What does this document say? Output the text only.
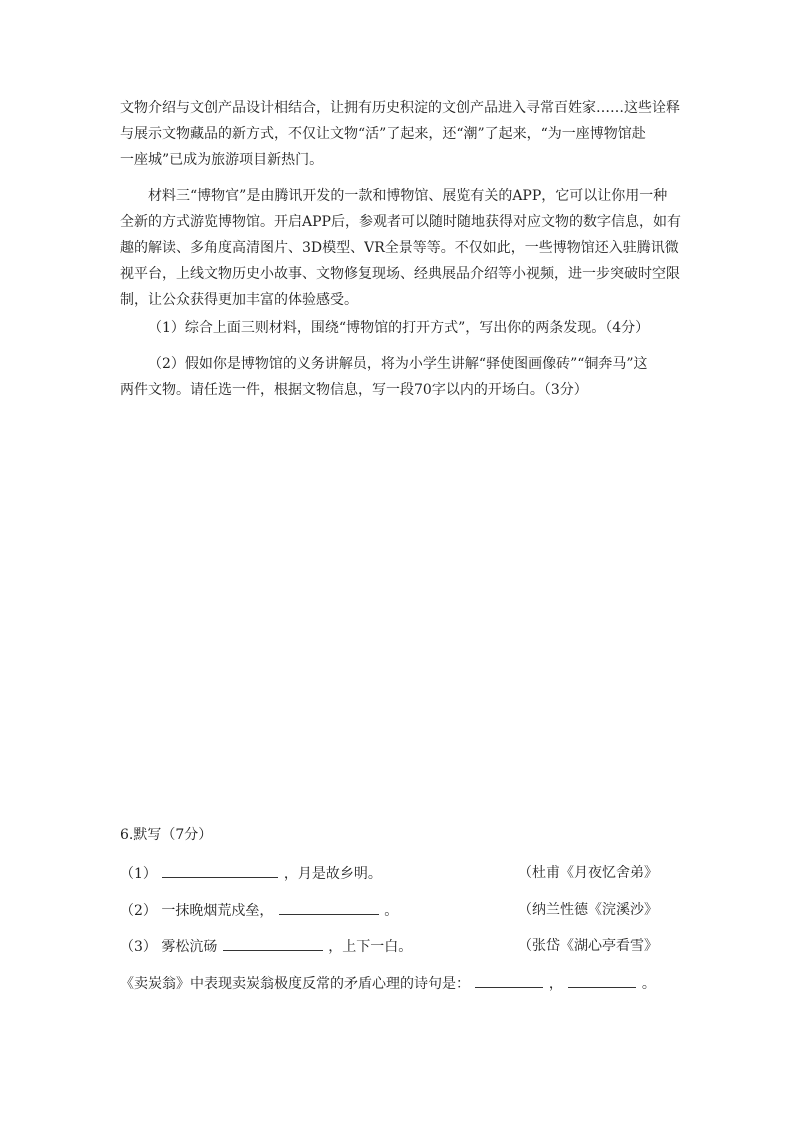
文物介绍与文创产品设计相结合，让拥有历史积淀的文创产品进入寻常百姓家……这些诠释
与展示文物藏品的新方式，不仅让文物“活”了起来，还“潮”了起来，“为一座博物馆赴
一座城”已成为旅游项目新热门。
材料三“博物官”是由腾讯开发的一款和博物馆、展览有关的APP，它可以让你用一种
全新的方式游览博物馆。开启APP后，参观者可以随时随地获得对应文物的数字信息，如有
趣的解读、多角度高清图片、3D模型、VR全景等等。不仅如此，一些博物馆还入驻腾讯微
视平台，上线文物历史小故事、文物修复现场、经典展品介绍等小视频，进一步突破时空限
制，让公众获得更加丰富的体验感受。
（1）综合上面三则材料，围绕“博物馆的打开方式”，写出你的两条发现。（4分）
（2）假如你是博物馆的义务讲解员，将为小学生讲解“驿使图画像砖”“铜奔马”这
两件文物。请任选一件，根据文物信息，写一段70字以内的开场白。（3分）
6.默写（7分）
（1）	，月是故乡明。	（杜甫《月夜忆舍弟》
（2） 一抹晚烟荒戍垒，	。	（纳兰性德《浣溪沙》
（3） 雾松沆砀	，上下一白。	（张岱《湖心亭看雪》
《卖炭翁》中表现卖炭翁极度反常的矛盾心理的诗句是：	，	。
